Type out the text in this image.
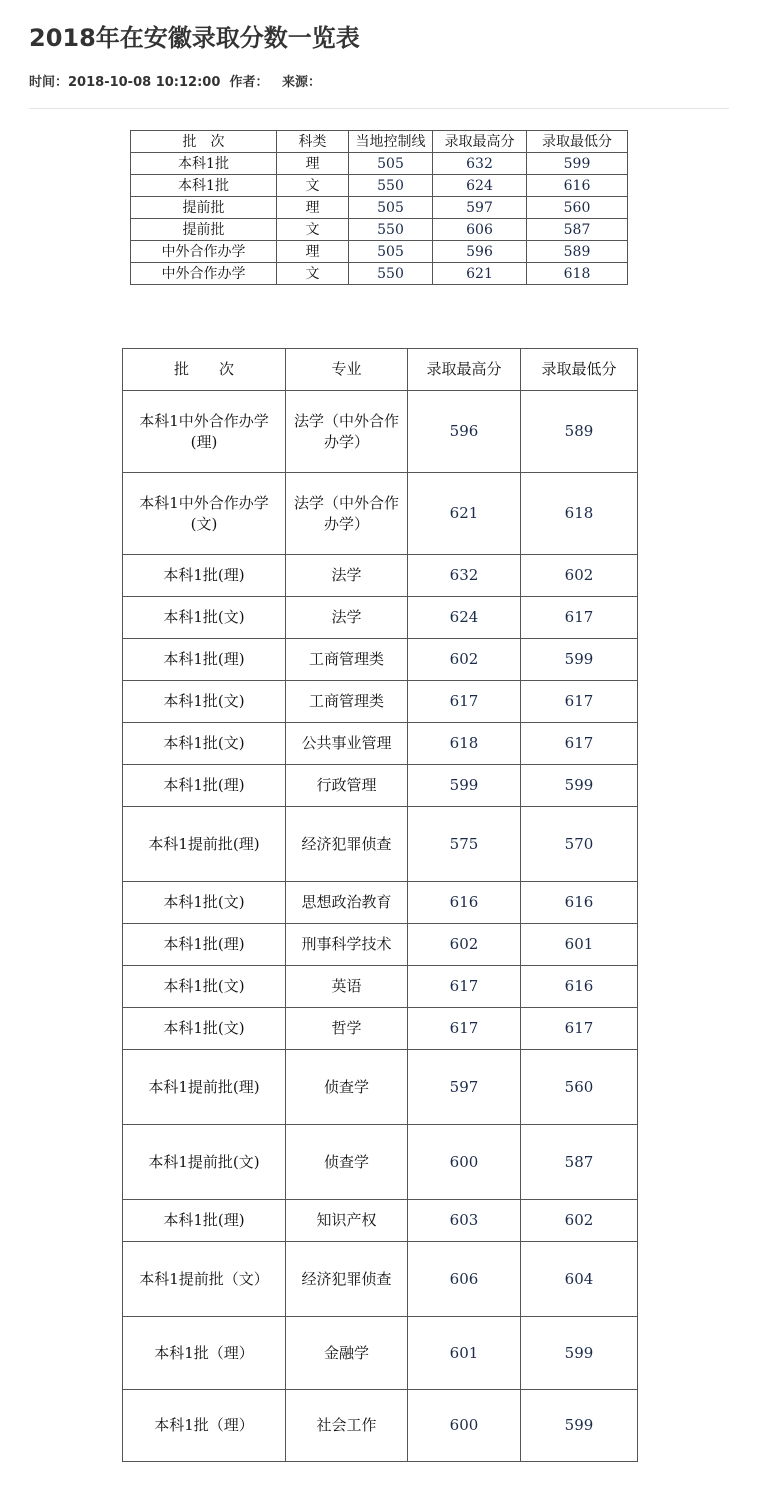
2018年在安徽录取分数一览表
时间：2018-10-08 10:12:00 作者： 来源：
批　次	科类	当地控制线	录取最高分	录取最低分
本科1批	理	505	632	599
本科1批	文	550	624	616
提前批	理	505	597	560
提前批	文	550	606	587
中外合作办学	理	505	596	589
中外合作办学	文	550	621	618
批　　次	专业	录取最高分	录取最低分
本科1中外合作办学(理)	法学（中外合作办学）	596	589
本科1中外合作办学(文)	法学（中外合作办学）	621	618
本科1批(理)	法学	632	602
本科1批(文)	法学	624	617
本科1批(理)	工商管理类	602	599
本科1批(文)	工商管理类	617	617
本科1批(文)	公共事业管理	618	617
本科1批(理)	行政管理	599	599
本科1提前批(理)	经济犯罪侦查	575	570
本科1批(文)	思想政治教育	616	616
本科1批(理)	刑事科学技术	602	601
本科1批(文)	英语	617	616
本科1批(文)	哲学	617	617
本科1提前批(理)	侦查学	597	560
本科1提前批(文)	侦查学	600	587
本科1批(理)	知识产权	603	602
本科1提前批（文）	经济犯罪侦查	606	604
本科1批（理）	金融学	601	599
本科1批（理）	社会工作	600	599
